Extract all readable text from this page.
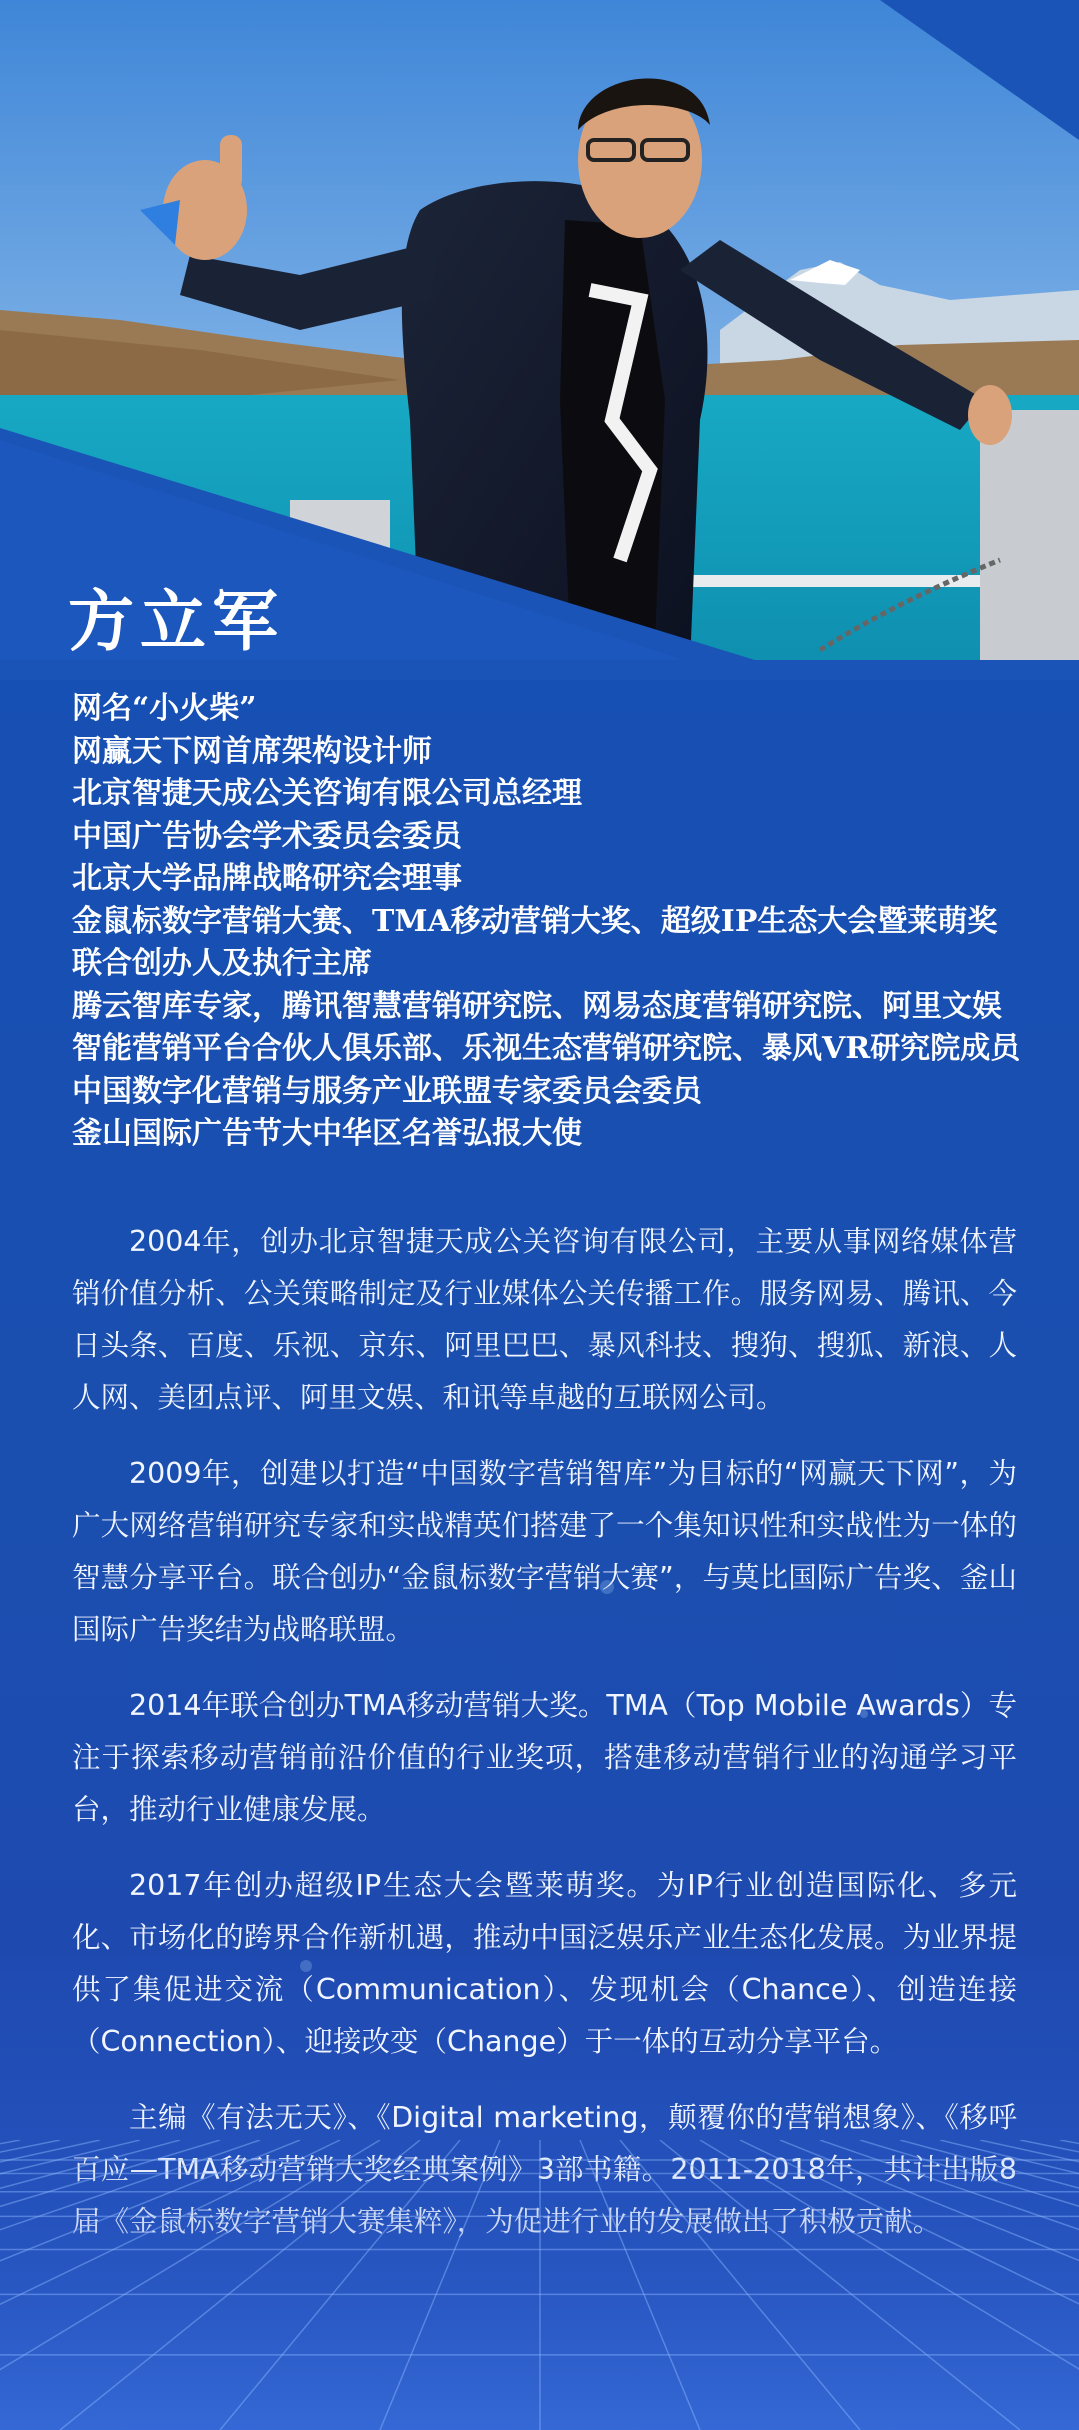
方立军
网名“小火柴”
网赢天下网首席架构设计师
北京智捷天成公关咨询有限公司总经理
中国广告协会学术委员会委员
北京大学品牌战略研究会理事
金鼠标数字营销大赛、TMA移动营销大奖、超级IP生态大会暨莱萌奖
联合创办人及执行主席
腾云智库专家，腾讯智慧营销研究院、网易态度营销研究院、阿里文娱
智能营销平台合伙人俱乐部、乐视生态营销研究院、暴风VR研究院成员
中国数字化营销与服务产业联盟专家委员会委员
釜山国际广告节大中华区名誉弘报大使

2004年，创办北京智捷天成公关咨询有限公司，主要从事网络媒体营销价值分析、公关策略制定及行业媒体公关传播工作。服务网易、腾讯、今日头条、百度、乐视、京东、阿里巴巴、暴风科技、搜狗、搜狐、新浪、人人网、美团点评、阿里文娱、和讯等卓越的互联网公司。

2009年，创建以打造“中国数字营销智库”为目标的“网赢天下网”，为广大网络营销研究专家和实战精英们搭建了一个集知识性和实战性为一体的智慧分享平台。联合创办“金鼠标数字营销大赛”，与莫比国际广告奖、釜山国际广告奖结为战略联盟。

2014年联合创办TMA移动营销大奖。TMA（Top Mobile Awards）专注于探索移动营销前沿价值的行业奖项，搭建移动营销行业的沟通学习平台，推动行业健康发展。

2017年创办超级IP生态大会暨莱萌奖。为IP行业创造国际化、多元化、市场化的跨界合作新机遇，推动中国泛娱乐产业生态化发展。为业界提供了集促进交流（Communication）、发现机会（Chance）、创造连接（Connection）、迎接改变（Change）于一体的互动分享平台。

主编《有法无天》、《Digital marketing，颠覆你的营销想象》、《移呼
